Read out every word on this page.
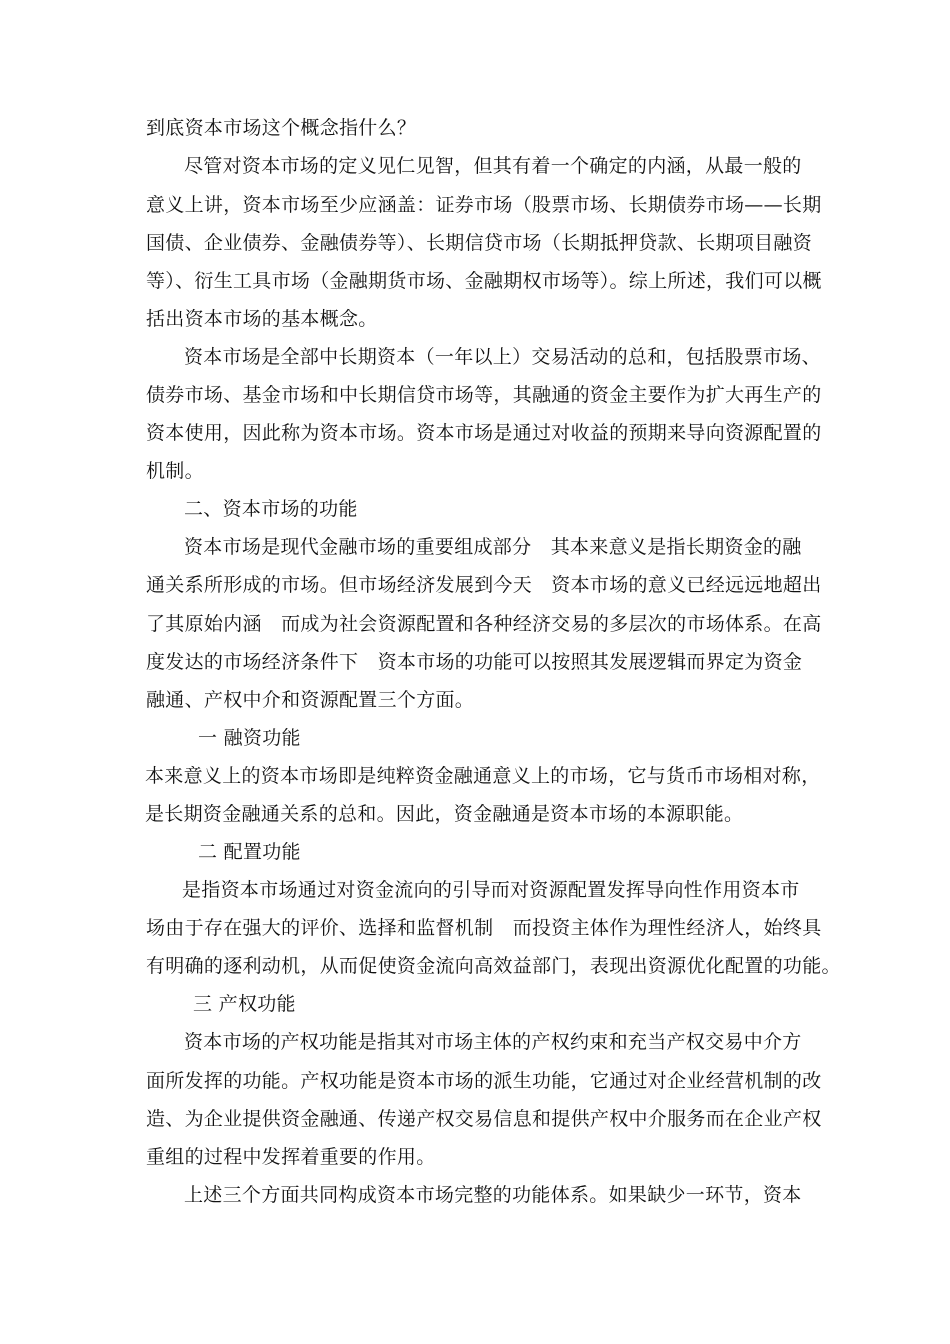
到底资本市场这个概念指什么？
尽管对资本市场的定义见仁见智，但其有着一个确定的内涵，从最一般的
意义上讲，资本市场至少应涵盖：证券市场（股票市场、长期债券市场——长期
国债、企业债券、金融债券等）、长期信贷市场（长期抵押贷款、长期项目融资
等）、衍生工具市场（金融期货市场、金融期权市场等）。综上所述，我们可以概
括出资本市场的基本概念。
资本市场是全部中长期资本（一年以上）交易活动的总和，包括股票市场、
债券市场、基金市场和中长期信贷市场等，其融通的资金主要作为扩大再生产的
资本使用，因此称为资本市场。资本市场是通过对收益的预期来导向资源配置的
机制。
二、资本市场的功能
资本市场是现代金融市场的重要组成部分　其本来意义是指长期资金的融
通关系所形成的市场。但市场经济发展到今天　资本市场的意义已经远远地超出
了其原始内涵　而成为社会资源配置和各种经济交易的多层次的市场体系。在高
度发达的市场经济条件下　资本市场的功能可以按照其发展逻辑而界定为资金
融通、产权中介和资源配置三个方面。
一 融资功能
本来意义上的资本市场即是纯粹资金融通意义上的市场，它与货币市场相对称，
是长期资金融通关系的总和。因此，资金融通是资本市场的本源职能。
二 配置功能
是指资本市场通过对资金流向的引导而对资源配置发挥导向性作用资本市
场由于存在强大的评价、选择和监督机制　而投资主体作为理性经济人，始终具
有明确的逐利动机，从而促使资金流向高效益部门，表现出资源优化配置的功能。
三 产权功能
资本市场的产权功能是指其对市场主体的产权约束和充当产权交易中介方
面所发挥的功能。产权功能是资本市场的派生功能，它通过对企业经营机制的改
造、为企业提供资金融通、传递产权交易信息和提供产权中介服务而在企业产权
重组的过程中发挥着重要的作用。
上述三个方面共同构成资本市场完整的功能体系。如果缺少一环节，资本
